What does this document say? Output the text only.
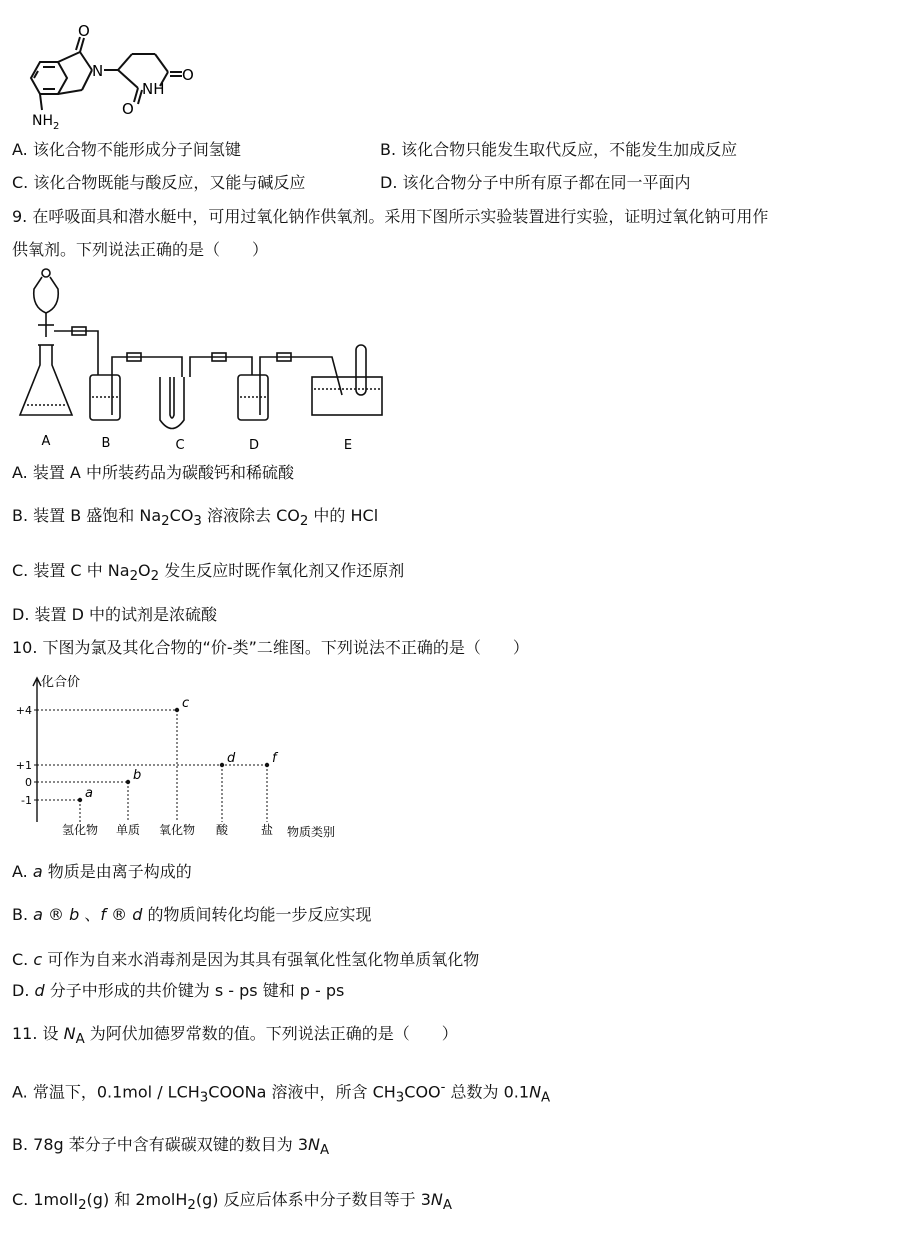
O
N	O
NH
O
$NH_2$
A. 该化合物不能形成分子间氢键	B. 该化合物只能发生取代反应，不能发生加成反应
C. 该化合物既能与酸反应，又能与碱反应	D. 该化合物分子中所有原子都在同一平面内
9. 在呼吸面具和潜水艇中，可用过氧化钠作供氧剂。采用下图所示实验装置进行实验，证明过氧化钠可用作
供氧剂。下列说法正确的是（　　）
A	B	C	D	E
A. 装置 A 中所装药品为碳酸钙和稀硫酸
B. 装置 B 盛饱和 $Na_2CO_3$ 溶液除去 $CO_2$ 中的 HCl
C. 装置 C 中 $Na_2O_2$ 发生反应时既作氧化剂又作还原剂
D. 装置 D 中的试剂是浓硫酸
10. 下图为氯及其化合物的“价-类”二维图。下列说法不正确的是（　　）
化合价
+4
+1
0
-1
氢化物 单质 氧化物 酸	盐 物质类别
a
b
c
d	f
A. a 物质是由离子构成的
B. a ® b 、f ® d 的物质间转化均能一步反应实现
C. c 可作为自来水消毒剂是因为其具有强氧化性氢化物单质氧化物
D. d 分子中形成的共价键为 s - ps 键和 p - ps
11. 设 $N_A$ 为阿伏加德罗常数的值。下列说法正确的是（　　）
A. 常温下，$0.1mol / LCH_3COONa$ 溶液中，所含 $CH_3COO^-$ 总数为 $0.1N_A$
B. 78g 苯分子中含有碳碳双键的数目为 $3N_A$
C. 1molI$_2$(g) 和 2molH$_2$(g) 反应后体系中分子数目等于 $3N_A$
